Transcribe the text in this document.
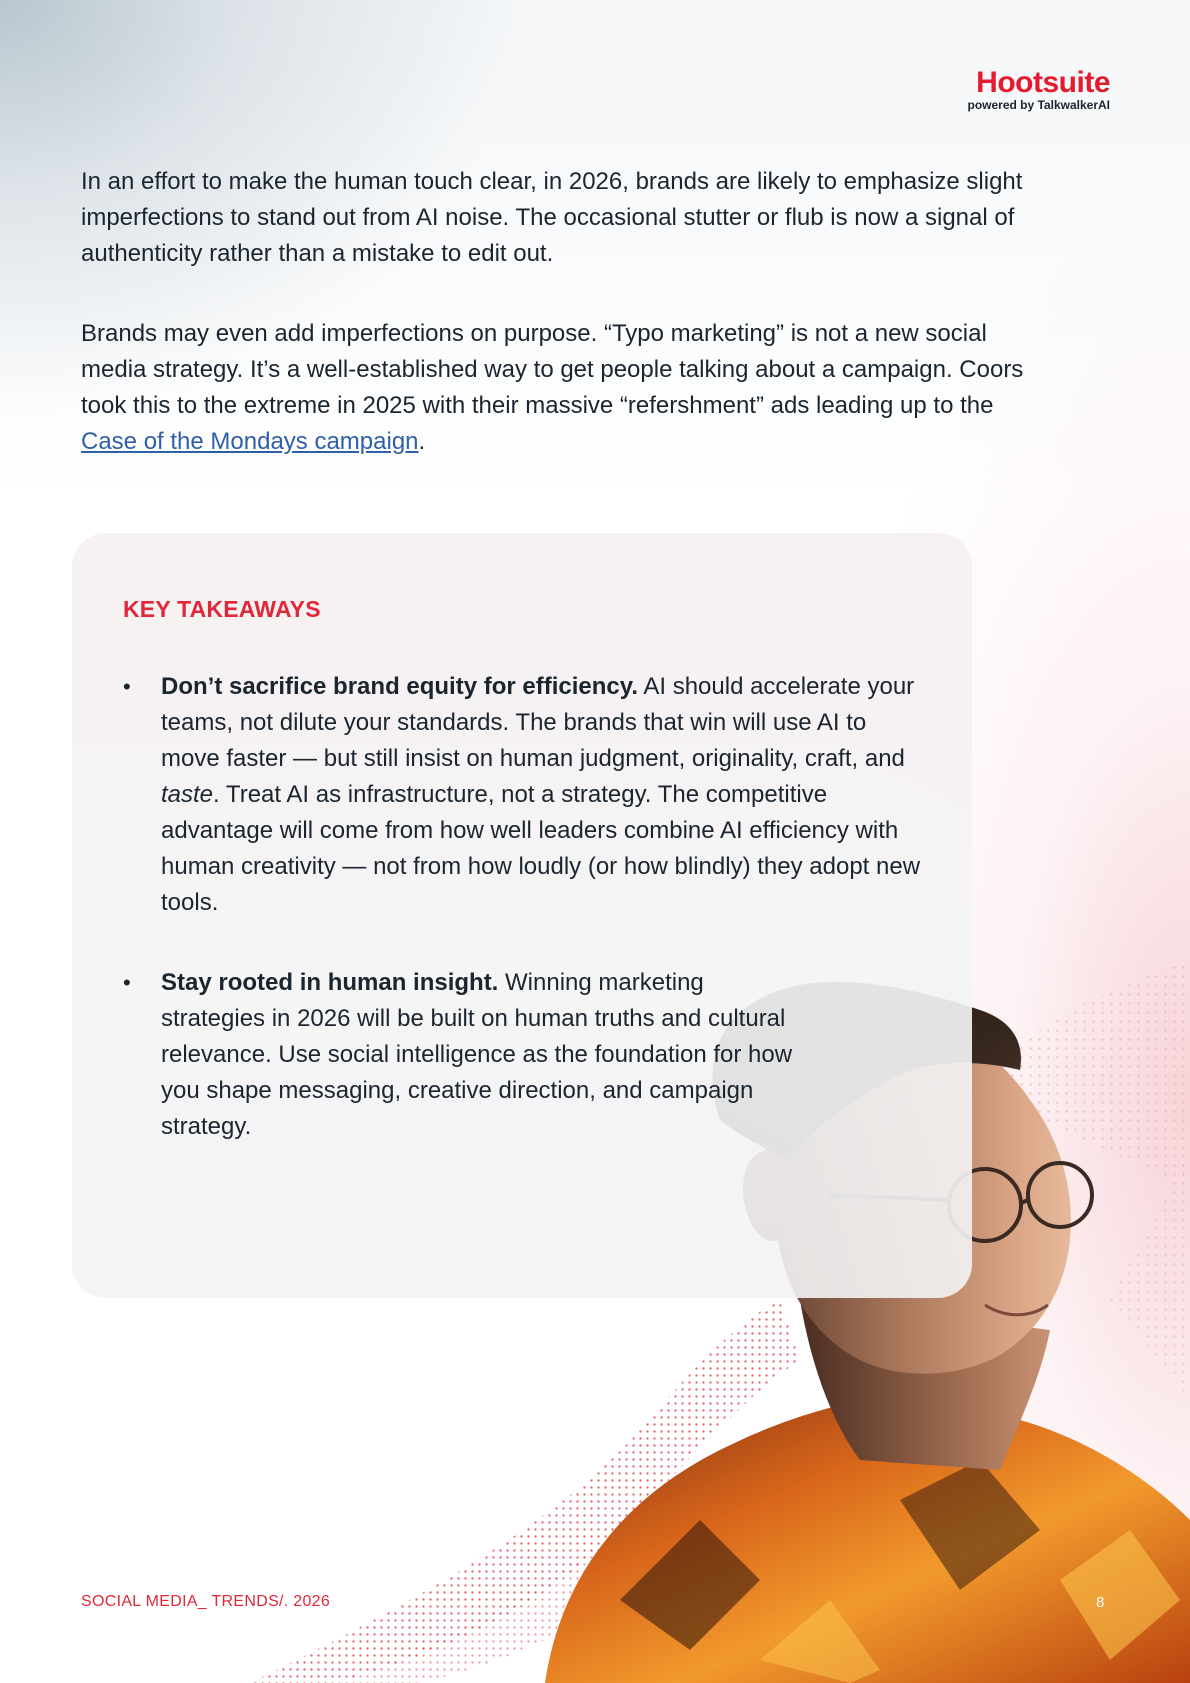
Hootsuite
powered by TalkwalkerAI

In an effort to make the human touch clear, in 2026, brands are likely to emphasize slight imperfections to stand out from AI noise. The occasional stutter or flub is now a signal of authenticity rather than a mistake to edit out.

Brands may even add imperfections on purpose. “Typo marketing” is not a new social media strategy. It’s a well-established way to get people talking about a campaign. Coors took this to the extreme in 2025 with their massive “refershment” ads leading up to the Case of the Mondays campaign.

KEY TAKEAWAYS
• Don’t sacrifice brand equity for efficiency. AI should accelerate your teams, not dilute your standards. The brands that win will use AI to move faster — but still insist on human judgment, originality, craft, and taste. Treat AI as infrastructure, not a strategy. The competitive advantage will come from how well leaders combine AI efficiency with human creativity — not from how loudly (or how blindly) they adopt new tools.
• Stay rooted in human insight. Winning marketing strategies in 2026 will be built on human truths and cultural relevance. Use social intelligence as the foundation for how you shape messaging, creative direction, and campaign strategy.
SOCIAL MEDIA_ TRENDS/. 2026	8
